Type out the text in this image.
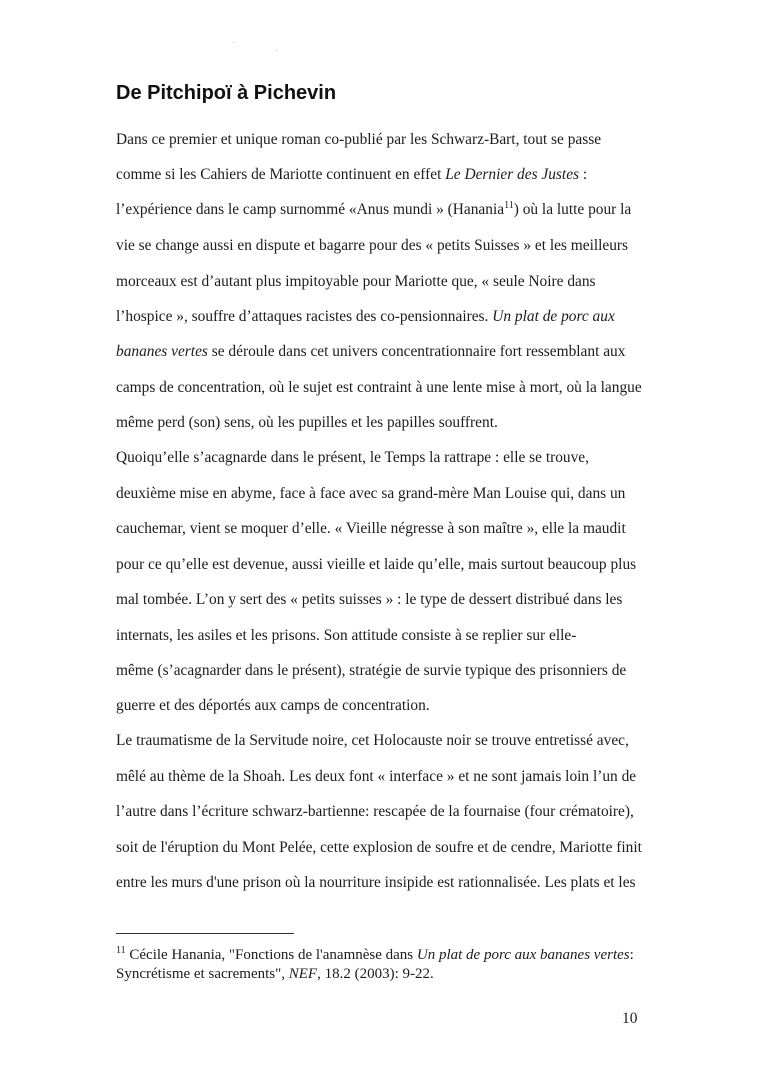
De Pitchipoï à Pichevin
Dans ce premier et unique roman co-publié par les Schwarz-Bart, tout se passe
comme si les Cahiers de Mariotte continuent en effet Le Dernier des Justes :
l’expérience dans le camp surnommé «Anus mundi » (Hanania$^{11}$) où la lutte pour la
vie se change aussi en dispute et bagarre pour des « petits Suisses » et les meilleurs
morceaux est d’autant plus impitoyable pour Mariotte que, « seule Noire dans
l’hospice », souffre d’attaques racistes des co-pensionnaires. Un plat de porc aux
bananes vertes se déroule dans cet univers concentrationnaire fort ressemblant aux
camps de concentration, où le sujet est contraint à une lente mise à mort, où la langue
même perd (son) sens, où les pupilles et les papilles souffrent.
Quoiqu’elle s’acagnarde dans le présent, le Temps la rattrape : elle se trouve,
deuxième mise en abyme, face à face avec sa grand-mère Man Louise qui, dans un
cauchemar, vient se moquer d’elle. « Vieille négresse à son maître », elle la maudit
pour ce qu’elle est devenue, aussi vieille et laide qu’elle, mais surtout beaucoup plus
mal tombée. L’on y sert des « petits suisses » : le type de dessert distribué dans les
internats, les asiles et les prisons. Son attitude consiste à se replier sur elle-
même (s’acagnarder dans le présent), stratégie de survie typique des prisonniers de
guerre et des déportés aux camps de concentration.
Le traumatisme de la Servitude noire, cet Holocauste noir se trouve entretissé avec,
mêlé au thème de la Shoah. Les deux font « interface » et ne sont jamais loin l’un de
l’autre dans l’écriture schwarz-bartienne: rescapée de la fournaise (four crématoire),
soit de l'éruption du Mont Pelée, cette explosion de soufre et de cendre, Mariotte finit
entre les murs d'une prison où la nourriture insipide est rationnalisée. Les plats et les
$^{11}$ Cécile Hanania, "Fonctions de l'anamnèse dans Un plat de porc aux bananes vertes:
Syncrétisme et sacrements", NEF, 18.2 (2003): 9-22.
10
